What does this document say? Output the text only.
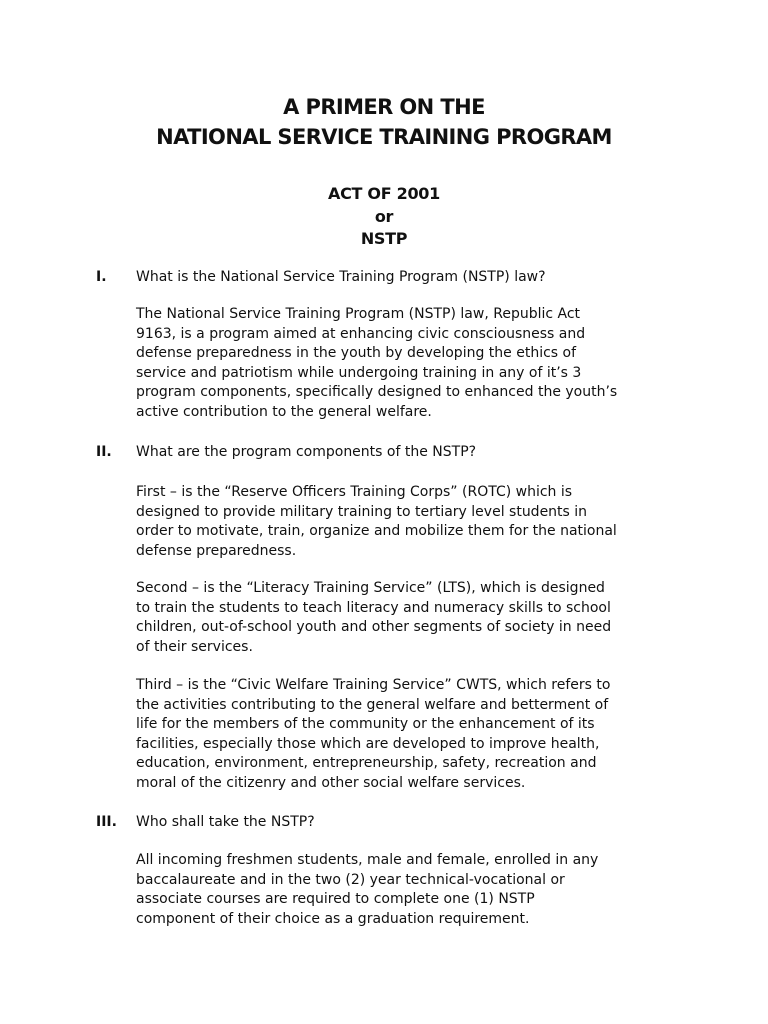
A PRIMER ON THE
NATIONAL SERVICE TRAINING PROGRAM
ACT OF 2001
or
NSTP
I. What is the National Service Training Program (NSTP) law?
The National Service Training Program (NSTP) law, Republic Act
9163, is a program aimed at enhancing civic consciousness and
defense preparedness in the youth by developing the ethics of
service and patriotism while undergoing training in any of it’s 3
program components, specifically designed to enhanced the youth’s
active contribution to the general welfare.
II. What are the program components of the NSTP?
First – is the “Reserve Officers Training Corps” (ROTC) which is
designed to provide military training to tertiary level students in
order to motivate, train, organize and mobilize them for the national
defense preparedness.
Second – is the “Literacy Training Service” (LTS), which is designed
to train the students to teach literacy and numeracy skills to school
children, out-of-school youth and other segments of society in need
of their services.
Third – is the “Civic Welfare Training Service” CWTS, which refers to
the activities contributing to the general welfare and betterment of
life for the members of the community or the enhancement of its
facilities, especially those which are developed to improve health,
education, environment, entrepreneurship, safety, recreation and
moral of the citizenry and other social welfare services.
III. Who shall take the NSTP?
All incoming freshmen students, male and female, enrolled in any
baccalaureate and in the two (2) year technical-vocational or
associate courses are required to complete one (1) NSTP
component of their choice as a graduation requirement.
